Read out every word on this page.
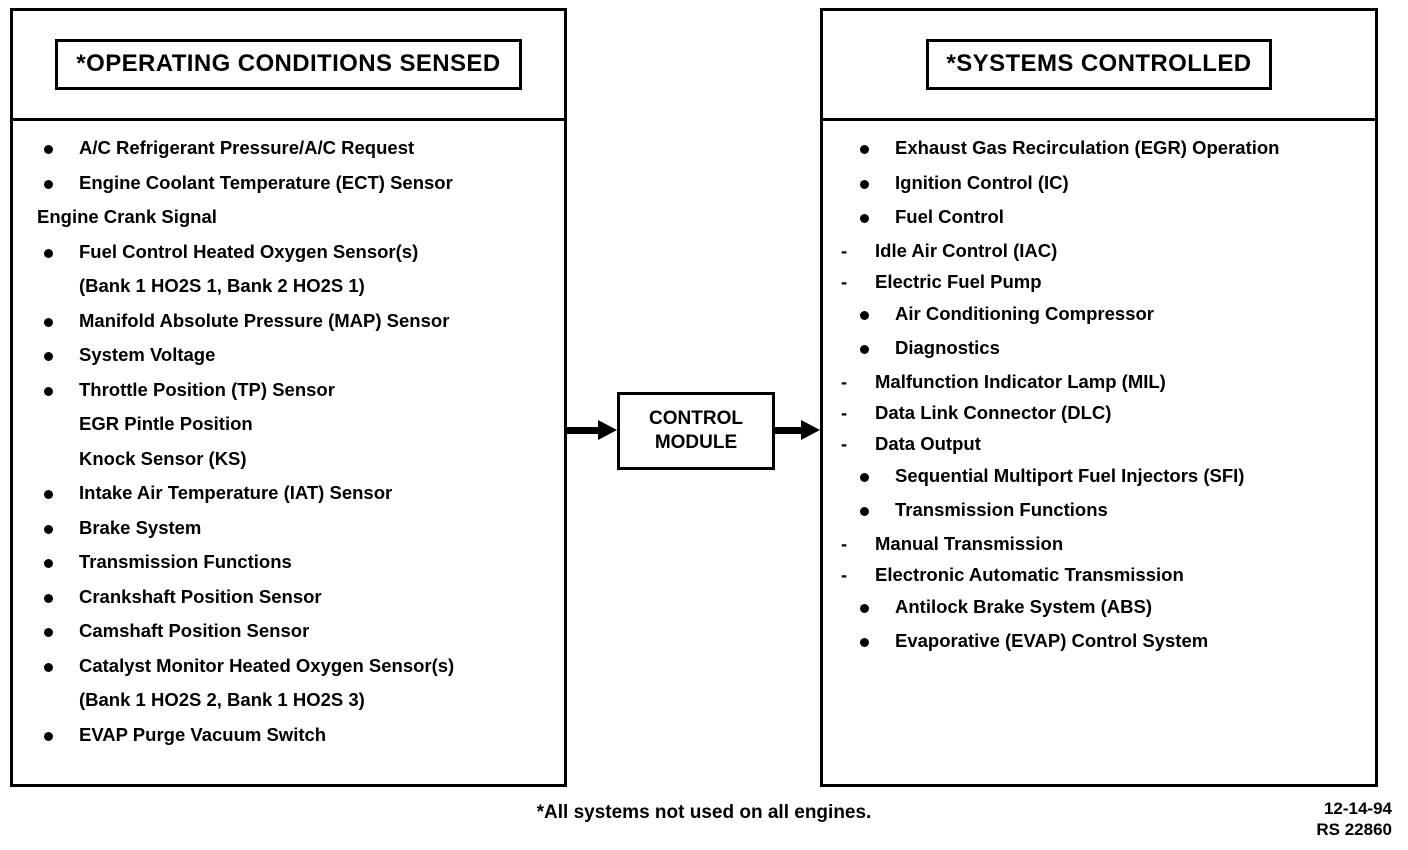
*OPERATING CONDITIONS SENSED
A/C Refrigerant Pressure/A/C Request
Engine Coolant Temperature (ECT) Sensor
Engine Crank Signal
Fuel Control Heated Oxygen Sensor(s)
(Bank 1 HO2S 1, Bank 2 HO2S 1)
Manifold Absolute Pressure (MAP) Sensor
System Voltage
Throttle Position (TP) Sensor
EGR Pintle Position
Knock Sensor (KS)
Intake Air Temperature (IAT) Sensor
Brake System
Transmission Functions
Crankshaft Position Sensor
Camshaft Position Sensor
Catalyst Monitor Heated Oxygen Sensor(s)
(Bank 1 HO2S 2, Bank 1 HO2S 3)
EVAP Purge Vacuum Switch
*SYSTEMS CONTROLLED
Exhaust Gas Recirculation (EGR) Operation
Ignition Control (IC)
Fuel Control
- Idle Air Control (IAC)
- Electric Fuel Pump
Air Conditioning Compressor
Diagnostics
- Malfunction Indicator Lamp (MIL)
- Data Link Connector (DLC)
- Data Output
Sequential Multiport Fuel Injectors (SFI)
Transmission Functions
- Manual Transmission
- Electronic Automatic Transmission
Antilock Brake System (ABS)
Evaporative (EVAP) Control System
CONTROL
MODULE
*All systems not used on all engines.	12-14-94
RS 22860
